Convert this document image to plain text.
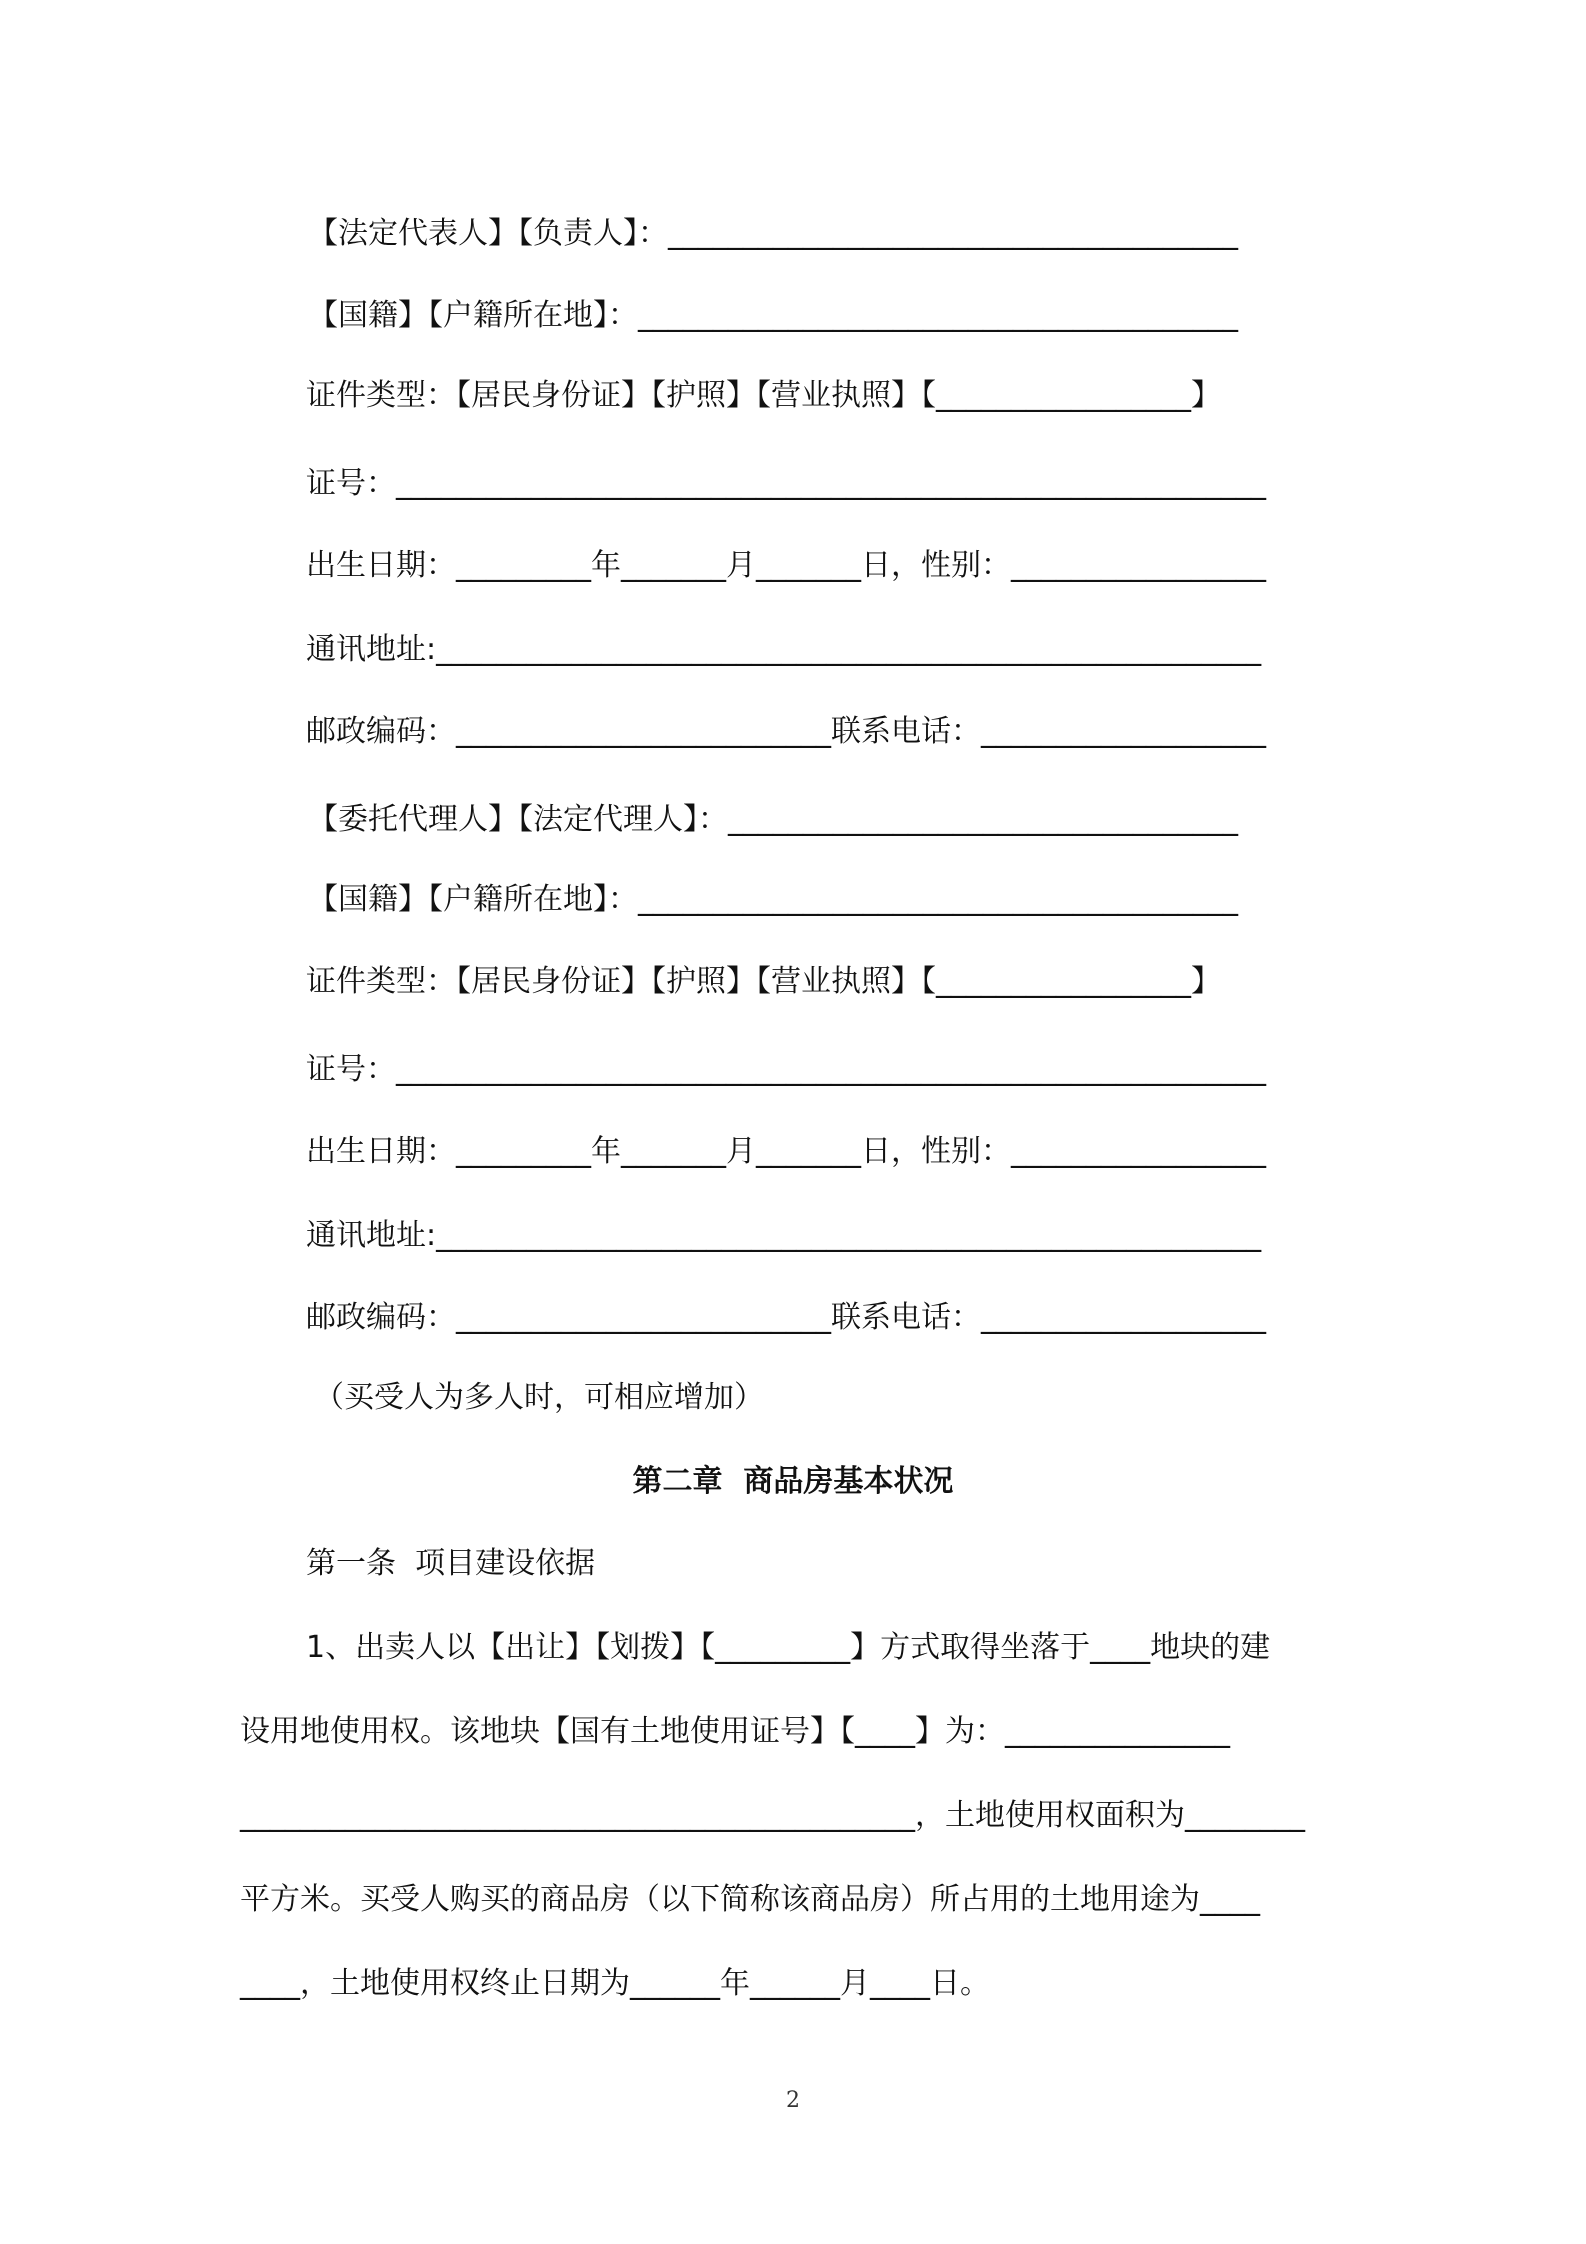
【法定代表人】【负责人】：______________________________________
【国籍】【户籍所在地】：________________________________________
证件类型：【居民身份证】【护照】【营业执照】【_________________】
证号：__________________________________________________________
出生日期：_________年_______月_______日，性别：_________________
通讯地址:_______________________________________________________
邮政编码：_________________________联系电话：___________________
【委托代理人】【法定代理人】：__________________________________
【国籍】【户籍所在地】：________________________________________
证件类型：【居民身份证】【护照】【营业执照】【_________________】
证号：__________________________________________________________
出生日期：_________年_______月_______日，性别：_________________
通讯地址:_______________________________________________________
邮政编码：_________________________联系电话：___________________
（买受人为多人时，可相应增加）
第二章  商品房基本状况
第一条  项目建设依据
1、出卖人以【出让】【划拨】【_________】方式取得坐落于____地块的建
设用地使用权。该地块【国有土地使用证号】【____】为：_______________
_____________________________________________，土地使用权面积为________
平方米。买受人购买的商品房（以下简称该商品房）所占用的土地用途为____
____，土地使用权终止日期为______年______月____日。
2
